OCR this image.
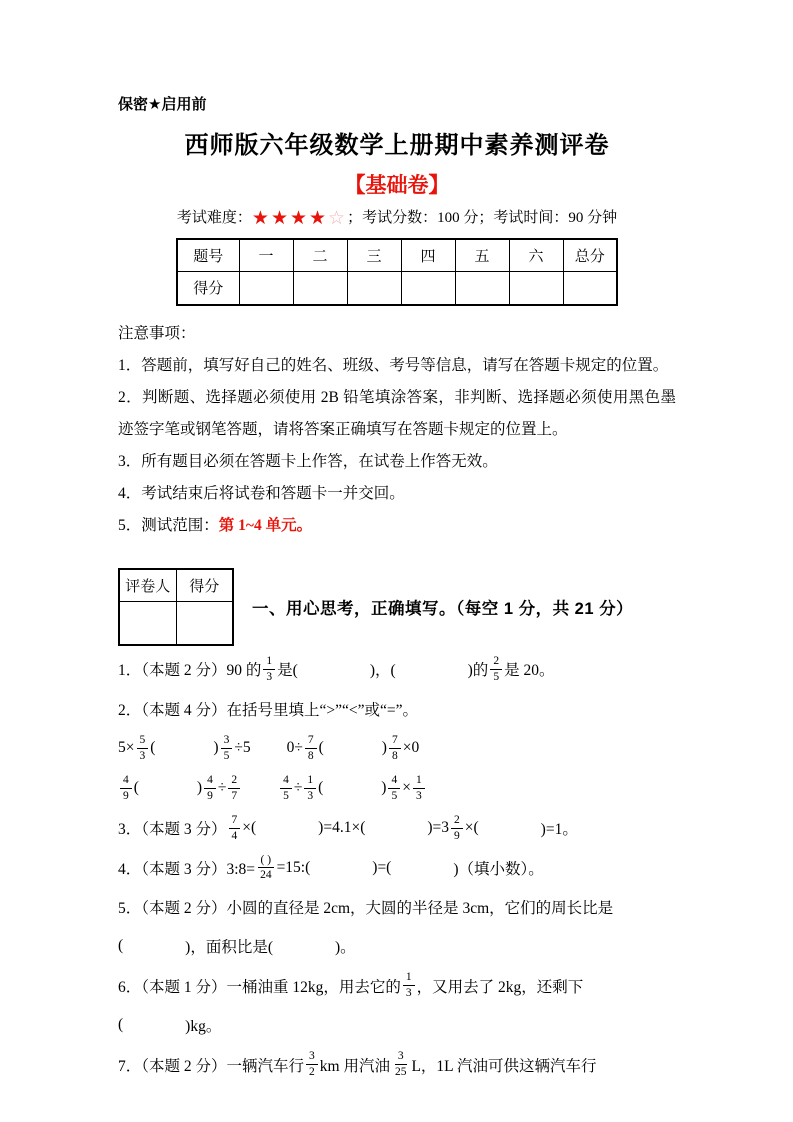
保密★启用前
西师版六年级数学上册期中素养测评卷
【基础卷】
考试难度：★★★★☆；考试分数：100 分；考试时间：90 分钟
题号	一	二	三	四	五	六	总分
得分							

注意事项：

1．答题前，填写好自己的姓名、班级、考号等信息，请写在答题卡规定的位置。

2．判断题、选择题必须使用 2B 铅笔填涂答案，非判断、选择题必须使用黑色墨迹签字笔或钢笔答题，请将答案正确填写在答题卡规定的位置上。

3．所有题目必须在答题卡上作答，在试卷上作答无效。

4．考试结束后将试卷和答题卡一并交回。

5．测试范围：第 1~4 单元。

评卷人	得分

一、用心思考，正确填写。（每空 1 分，共 21 分）
1．（本题 2 分）90 的 $\frac{1}{3}$ 是(	)，(	)的 $\frac{2}{5}$ 是 20。
2．（本题 4 分）在括号里填上“>”“<”或“=”。
$5\times \frac{5}{3}$ (	) $\frac{3}{5} \div 5$ $0\div \frac{7}{8}$ (	) $\frac{7}{8} \times 0$
$\frac{4}{9}$ (	) $\frac{4}{9} \div \frac{2}{7}$	$\frac{4}{5} \div \frac{1}{3}$ (	) $\frac{4}{5} \times \frac{1}{3}$
3．（本题 3 分） $\frac{7}{4}$ ×(	)=4.1×(	)= $3 \frac{2}{9}$ ×(	)=1。
4．（本题 3 分）3:8= $\frac{( )}{24}$ =15:(	)=(	)（填小数）。
5．（本题 2 分）小圆的直径是 2cm，大圆的半径是 3cm，它们的周长比是
(	)，面积比是(	)。
6．（本题 1 分）一桶油重 12kg，用去它的 $\frac{1}{3}$ ，又用去了 2kg，还剩下
(	)kg。
7．（本题 2 分）一辆汽车行 $\frac{3}{2}$ km 用汽油 $\frac{3}{25}$ L，1L 汽油可供这辆汽车行
